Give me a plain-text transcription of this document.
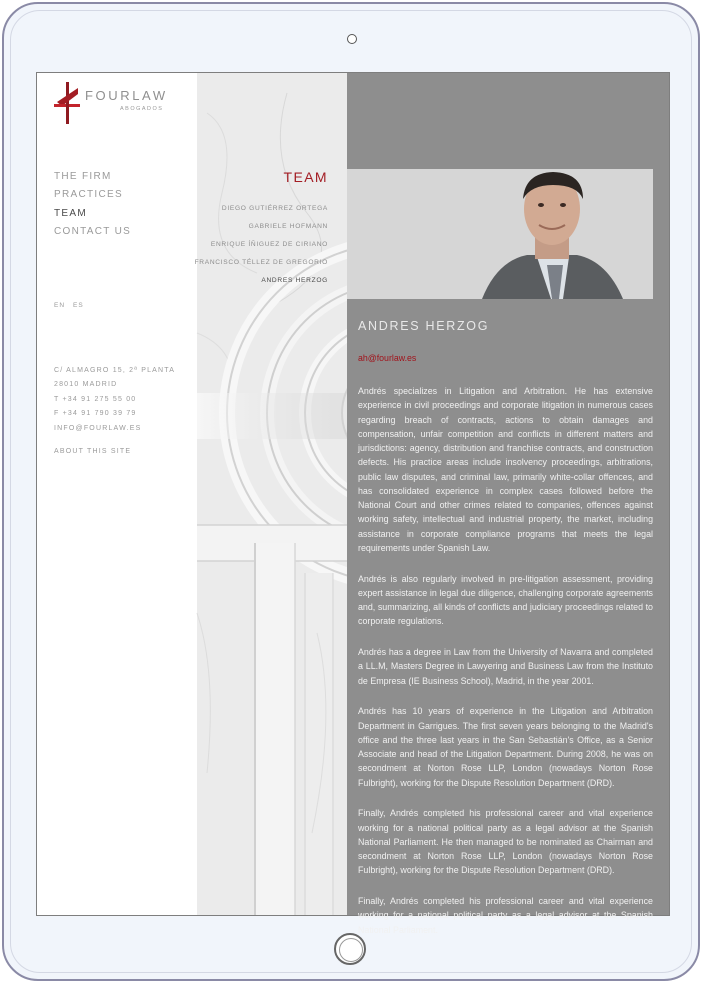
FOURLAW
ABOGADOS
THE FIRM
PRACTICES
TEAM
CONTACT US
EN ES
C/ ALMAGRO 15, 2ª PLANTA
28010 MADRID
T +34 91 275 55 00
F +34 91 790 39 79
INFO@FOURLAW.ES
ABOUT THIS SITE
TEAM
DIEGO GUTIÉRREZ ORTEGA
GABRIELE HOFMANN
ENRIQUE ÍÑIGUEZ DE CIRIANO
FRANCISCO TÉLLEZ DE GREGORIO
ANDRES HERZOG
ANDRES HERZOG
ah@fourlaw.es

Andrés specializes in Litigation and Arbitration. He has extensive experience in civil proceedings and corporate litigation in numerous cases regarding breach of contracts, actions to obtain damages and compensation, unfair competition and conflicts in different matters and jurisdictions: agency, distribution and franchise contracts, and construction defects. His practice areas include insolvency proceedings, arbitrations, public law disputes, and criminal law, primarily white-collar offences, and has consolidated experience in complex cases followed before the National Court and other crimes related to companies, offences against working safety, intellectual and industrial property, the market, including assistance in corporate compliance programs that meets the legal requirements under Spanish Law.

Andrés is also regularly involved in pre-litigation assessment, providing expert assistance in legal due diligence, challenging corporate agreements and, summarizing, all kinds of conflicts and judiciary proceedings related to corporate regulations.

Andrés has a degree in Law from the University of Navarra and completed a LL.M, Masters Degree in Lawyering and Business Law from the Instituto de Empresa (IE Business School), Madrid, in the year 2001.

Andrés has 10 years of experience in the Litigation and Arbitration Department in Garrigues. The first seven years belonging to the Madrid's office and the three last years in the San Sebastián's Office, as a Senior Associate and head of the Litigation Department. During 2008, he was on secondment at Norton Rose LLP, London (nowadays Norton Rose Fulbright), working for the Dispute Resolution Department (DRD).

Finally, Andrés completed his professional career and vital experience working for a national political party as a legal advisor at the Spanish National Parliament. He then managed to be nominated as Chairman and secondment at Norton Rose LLP, London (nowadays Norton Rose Fulbright), working for the Dispute Resolution Department (DRD).

Finally, Andrés completed his professional career and vital experience working for a national political party as a legal advisor at the Spanish National Parliament.
